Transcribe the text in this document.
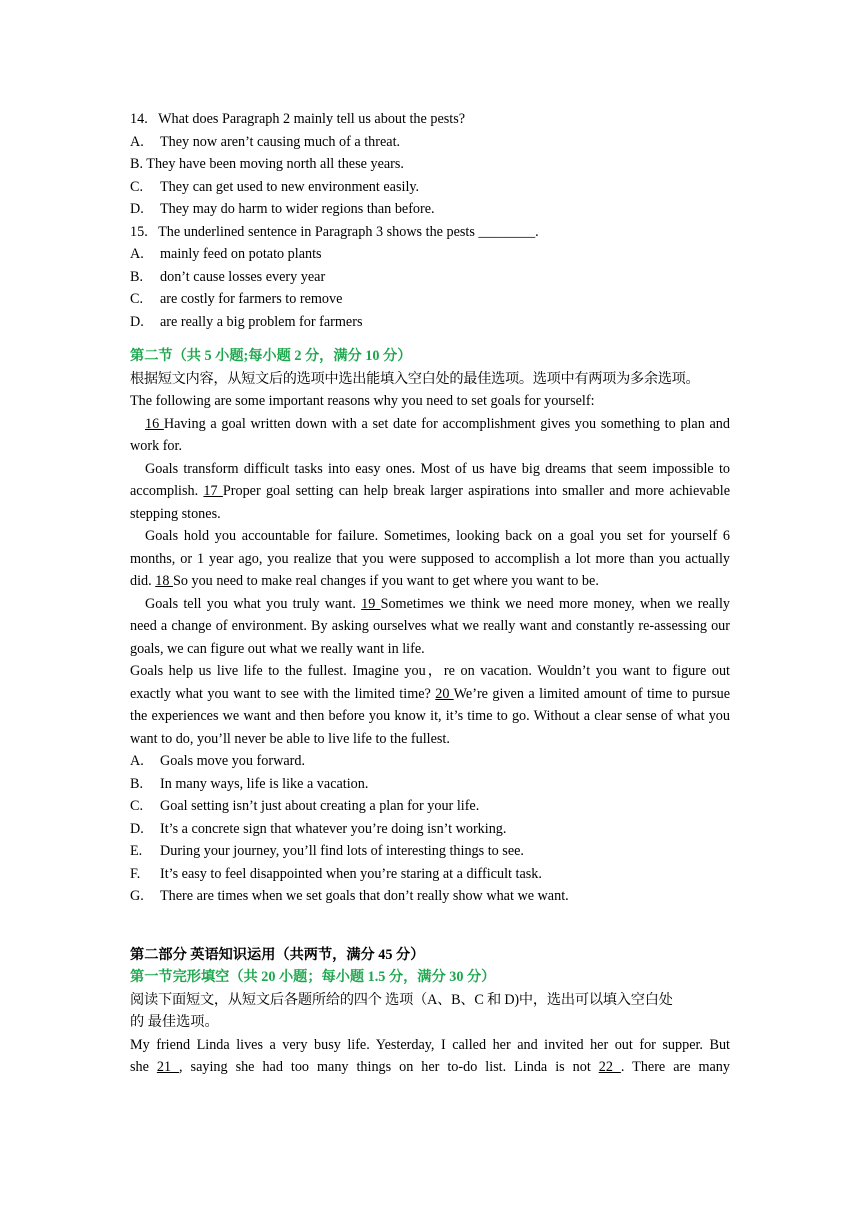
14.   What does Paragraph 2 mainly tell us about the pests?
A. They now aren’t causing much of a threat.
B. They have been moving north all these years.
C. They can get used to new environment easily.
D. They may do harm to wider regions than before.
15.   The underlined sentence in Paragraph 3 shows the pests ________.
A. mainly feed on potato plants
B. don’t cause losses every year
C. are costly for farmers to remove
D. are really a big problem for farmers
第二节（共 5 小题;每小题 2 分，满分 10 分）
根据短文内容，从短文后的选项中选出能填入空白处的最佳选项。选项中有两项为多余选项。
The following are some important reasons why you need to set goals for yourself:
16 Having a goal written down with a set date for accomplishment gives you something to plan and work for.
Goals transform difficult tasks into easy ones. Most of us have big dreams that seem impossible to accomplish. 17 Proper goal setting can help break larger aspirations into smaller and more achievable stepping stones.
Goals hold you accountable for failure. Sometimes, looking back on a goal you set for yourself 6 months, or 1 year ago, you realize that you were supposed to accomplish a lot more than you actually did. 18 So you need to make real changes if you want to get where you want to be.
Goals tell you what you truly want. 19 Sometimes we think we need more money, when we really need a change of environment. By asking ourselves what we really want and constantly re-assessing our goals, we can figure out what we really want in life.
Goals help us live life to the fullest. Imagine you，re on vacation. Wouldn’t you want to figure out exactly what you want to see with the limited time? 20 We’re given a limited amount of time to pursue the experiences we want and then before you know it, it’s time to go. Without a clear sense of what you want to do, you’ll never be able to live life to the fullest.
A. Goals move you forward.
B. In many ways, life is like a vacation.
C. Goal setting isn’t just about creating a plan for your life.
D. It’s a concrete sign that whatever you’re doing isn’t working.
E. During your journey, you’ll find lots of interesting things to see.
F. It’s easy to feel disappointed when you’re staring at a difficult task.
G. There are times when we set goals that don’t really show what we want.
第二部分 英语知识运用（共两节，满分 45 分）
第一节完形填空（共 20 小题；每小题 1.5 分，满分 30 分）
阅读下面短文，从短文后各题所给的四个 选项（A、B、C 和 D)中，选出可以填入空白处
的 最佳选项。
My friend Linda lives a very busy life. Yesterday, I called her and invited her out for supper. But
she 21 , saying she had too many things on her to-do list. Linda is not 22 . There are many
